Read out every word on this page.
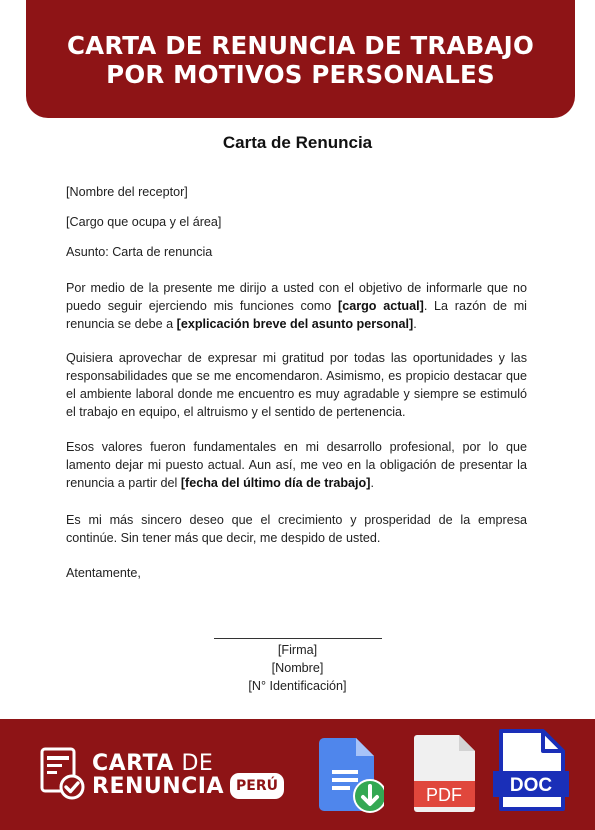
CARTA DE RENUNCIA DE TRABAJO
POR MOTIVOS PERSONALES
Carta de Renuncia

[Nombre del receptor]

[Cargo que ocupa y el área]

Asunto: Carta de renuncia

Por medio de la presente me dirijo a usted con el objetivo de informarle que no puedo seguir ejerciendo mis funciones como [cargo actual]. La razón de mi renuncia se debe a [explicación breve del asunto personal].

Quisiera aprovechar de expresar mi gratitud por todas las oportunidades y las responsabilidades que se me encomendaron. Asimismo, es propicio destacar que el ambiente laboral donde me encuentro es muy agradable y siempre se estimuló el trabajo en equipo, el altruismo y el sentido de pertenencia.

Esos valores fueron fundamentales en mi desarrollo profesional, por lo que lamento dejar mi puesto actual. Aun así, me veo en la obligación de presentar la renuncia a partir del [fecha del último día de trabajo].

Es mi más sincero deseo que el crecimiento y prosperidad de la empresa continúe. Sin tener más que decir, me despido de usted.

Atentamente,

[Firma]

[Nombre]

[N° Identificación]

CARTA DE

RENUNCIA PERÚ	PDF	DOC
